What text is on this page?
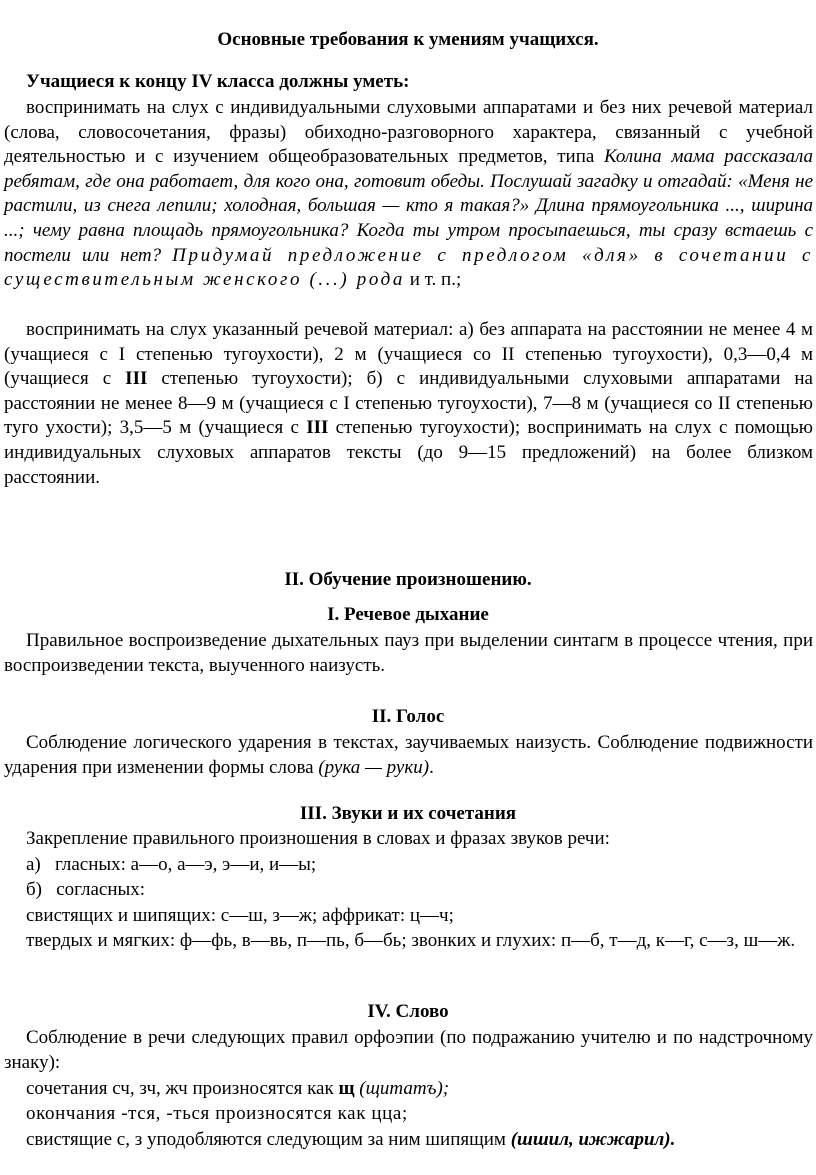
Основные требования к умениям учащихся.
Учащиеся к концу IV класса должны уметь:
воспринимать на слух с индивидуальными слуховыми аппаратами и без них речевой материал (слова, словосочетания, фразы) обиходно-разговорного характера, связанный с учебной деятельностью и с изучением общеобразовательных предметов, типа Колина мама рассказала ребятам, где она работает, для кого она, готовит обеды. Послушай загадку и отгадай: «Меня не растили, из снега лепили; холодная, большая — кто я такая?» Длина прямоугольника ..., ширина ...; чему равна площадь прямоугольника? Когда ты утром просыпаешься, ты сразу встаешь с постели или нет? Придумай предложение с предлогом «для» в сочетании с существительным женского (...) рода и т. п.;
воспринимать на слух указанный речевой материал: а) без аппарата на расстоянии не менее 4 м (учащиеся с I степенью тугоухости), 2 м (учащиеся со II степенью тугоухости), 0,3—0,4 м (учащиеся с III степенью тугоухости); б) с индивидуальными слуховыми аппаратами на расстоянии не менее 8—9 м (учащиеся с I степенью тугоухости), 7—8 м (учащиеся со II степенью туго ухости); 3,5—5 м (учащиеся с III степенью тугоухости); воспринимать на слух с помощью индивидуальных слуховых аппаратов тексты (до 9—15 предложений) на более близком расстоянии.
II. Обучение произношению.
I. Речевое дыхание
Правильное воспроизведение дыхательных пауз при выделении синтагм в процессе чтения, при воспроизведении текста, выученного наизусть.
II. Голос
Соблюдение логического ударения в текстах, заучиваемых наизусть. Соблюдение подвижности ударения при изменении формы слова (рука — руки).
III. Звуки и их сочетания
Закрепление правильного произношения в словах и фразах звуков речи:
а) гласных: а—о, а—э, э—и, и—ы;
б) согласных:
свистящих и шипящих: с—ш, з—ж; аффрикат: ц—ч;
твердых и мягких: ф—фь, в—вь, п—пь, б—бь; звонких и глухих: п—б, т—д, к—г, с—з, ш—ж.
IV. Слово
Соблюдение в речи следующих правил орфоэпии (по подражанию учителю и по надстрочному знаку):
сочетания сч, зч, жч произносятся как щ (щитатъ);
окончания -тся, -ться произносятся как цца;
свистящие с, з уподобляются следующим за ним шипящим (шшил, ижжарил).
